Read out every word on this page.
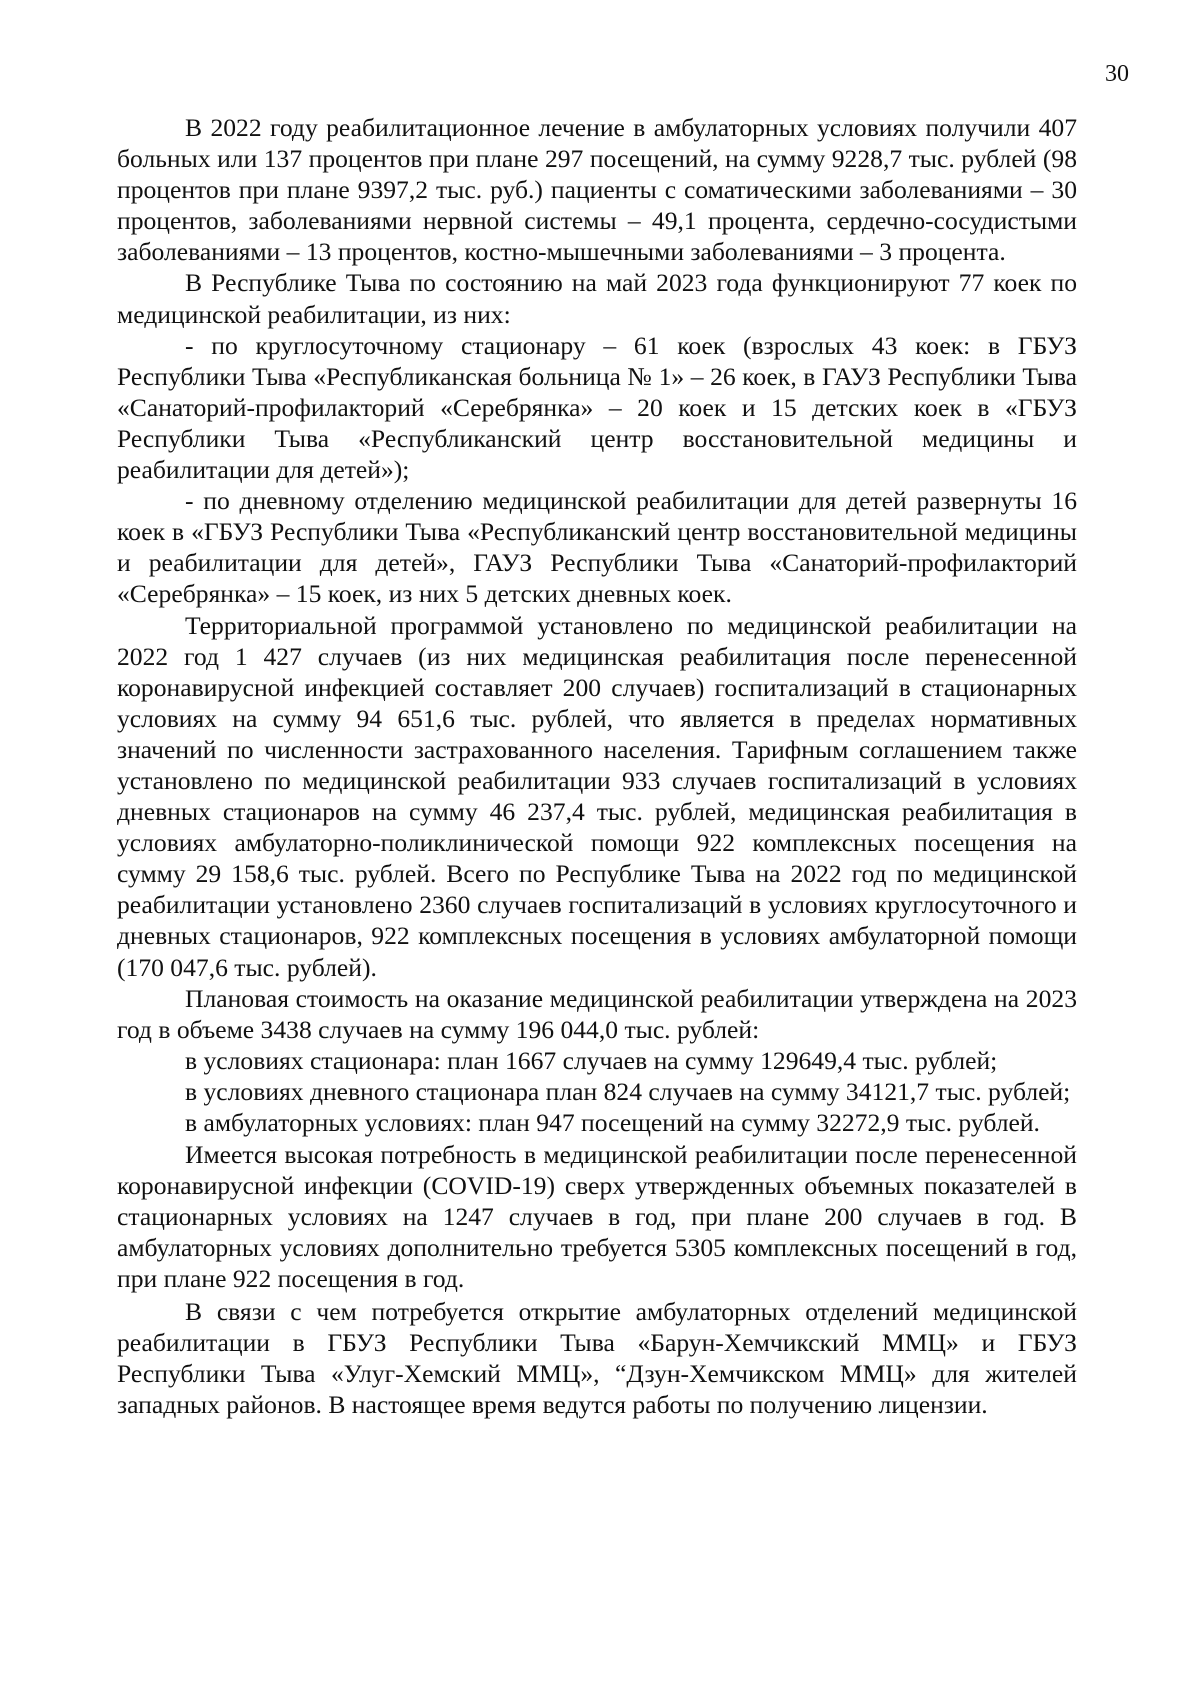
30

В 2022 году реабилитационное лечение в амбулаторных условиях получили 407 больных или 137 процентов при плане 297 посещений, на сумму 9228,7 тыс. рублей (98 процентов при плане 9397,2 тыс. руб.) пациенты с соматическими заболеваниями – 30 процентов, заболеваниями нервной системы – 49,1 процента, сердечно-сосудистыми заболеваниями – 13 процентов, костно-мышечными заболеваниями – 3 процента.

В Республике Тыва по состоянию на май 2023 года функционируют 77 коек по медицинской реабилитации, из них:

- по круглосуточному стационару – 61 коек (взрослых 43 коек: в ГБУЗ Республики Тыва «Республиканская больница № 1» – 26 коек, в ГАУЗ Республики Тыва «Санаторий-профилакторий «Серебрянка» – 20 коек и 15 детских коек в «ГБУЗ Республики Тыва «Республиканский центр восстановительной медицины и реабилитации для детей»);

- по дневному отделению медицинской реабилитации для детей развернуты 16 коек в «ГБУЗ Республики Тыва «Республиканский центр восстановительной медицины и реабилитации для детей», ГАУЗ Республики Тыва «Санаторий-профилакторий «Серебрянка» – 15 коек, из них 5 детских дневных коек.

Территориальной программой установлено по медицинской реабилитации на 2022 год 1 427 случаев (из них медицинская реабилитация после перенесенной коронавирусной инфекцией составляет 200 случаев) госпитализаций в стационарных условиях на сумму 94 651,6 тыс. рублей, что является в пределах нормативных значений по численности застрахованного населения. Тарифным соглашением также установлено по медицинской реабилитации 933 случаев госпитализаций в условиях дневных стационаров на сумму 46 237,4 тыс. рублей, медицинская реабилитация в условиях амбулаторно-поликлинической помощи 922 комплексных посещения на сумму 29 158,6 тыс. рублей. Всего по Республике Тыва на 2022 год по медицинской реабилитации установлено 2360 случаев госпитализаций в условиях круглосуточного и дневных стационаров, 922 комплексных посещения в условиях амбулаторной помощи (170 047,6 тыс. рублей).

Плановая стоимость на оказание медицинской реабилитации утверждена на 2023 год в объеме 3438 случаев на сумму 196 044,0 тыс. рублей:

в условиях стационара: план 1667 случаев на сумму 129649,4 тыс. рублей;

в условиях дневного стационара план 824 случаев на сумму 34121,7 тыс. рублей;

в амбулаторных условиях: план 947 посещений на сумму 32272,9 тыс. рублей.

Имеется высокая потребность в медицинской реабилитации после перенесенной коронавирусной инфекции (COVID-19) сверх утвержденных объемных показателей в стационарных условиях на 1247 случаев в год, при плане 200 случаев в год. В амбулаторных условиях дополнительно требуется 5305 комплексных посещений в год, при плане 922 посещения в год.

В связи с чем потребуется открытие амбулаторных отделений медицинской реабилитации в ГБУЗ Республики Тыва «Барун-Хемчикский ММЦ» и ГБУЗ Республики Тыва «Улуг-Хемский ММЦ», “Дзун-Хемчикском ММЦ» для жителей западных районов. В настоящее время ведутся работы по получению лицензии.
